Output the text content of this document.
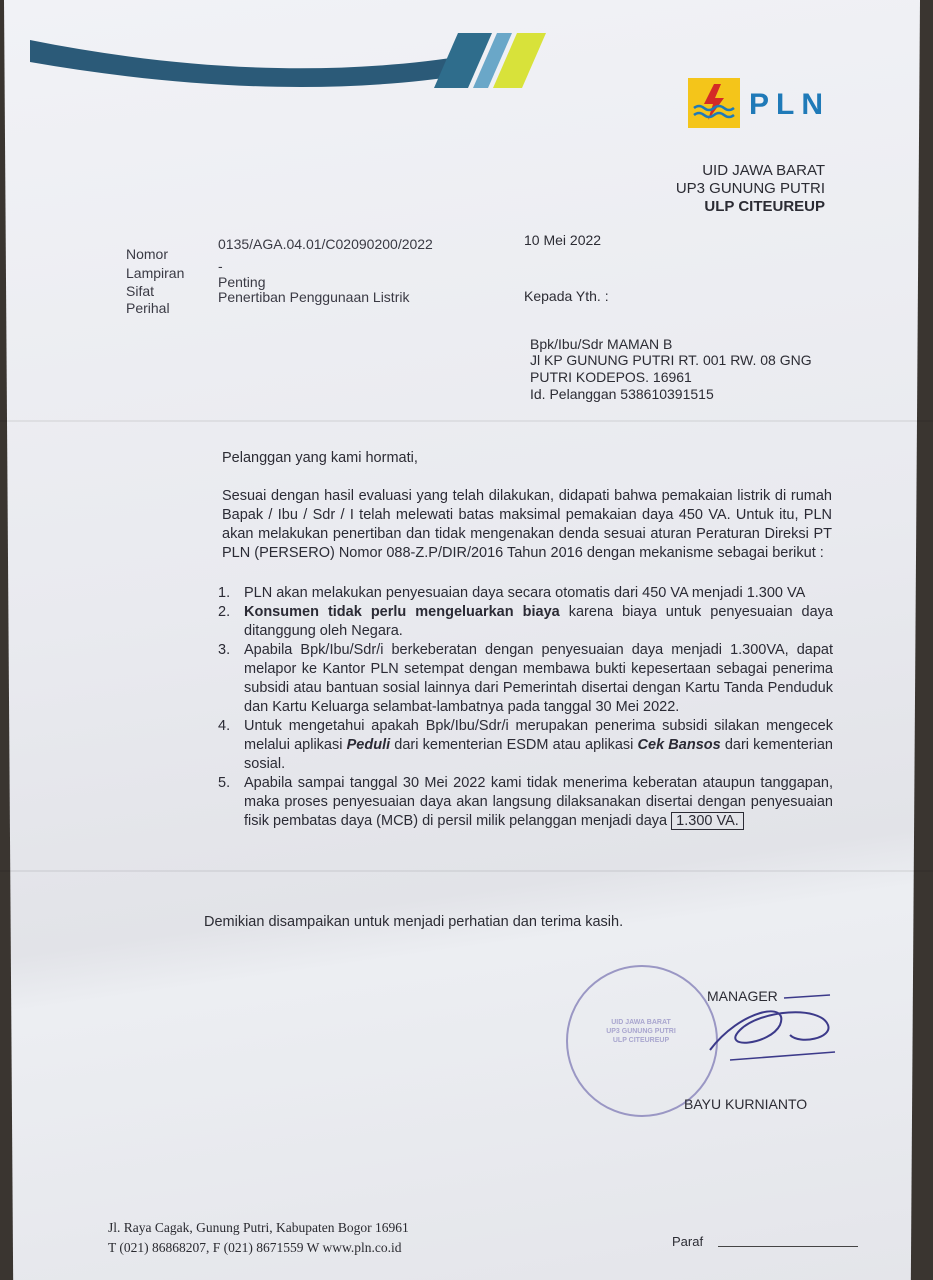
PLN
UID JAWA BARAT
UP3 GUNUNG PUTRI
ULP CITEUREUP
Nomor
0135/AGA.04.01/C02090200/2022
Lampiran -
Sifat
Penting
Perihal
Penertiban Penggunaan Listrik
10 Mei 2022
Kepada Yth. :
Bpk/Ibu/Sdr MAMAN B
Jl KP GUNUNG PUTRI RT. 001 RW. 08 GNG
PUTRI KODEPOS. 16961
Id. Pelanggan 538610391515
Pelanggan yang kami hormati,
Sesuai dengan hasil evaluasi yang telah dilakukan, didapati bahwa pemakaian listrik di rumah Bapak / Ibu / Sdr / I telah melewati batas maksimal pemakaian daya 450 VA. Untuk itu, PLN akan melakukan penertiban dan tidak mengenakan denda sesuai aturan Peraturan Direksi PT PLN (PERSERO) Nomor 088-Z.P/DIR/2016 Tahun 2016 dengan mekanisme sebagai berikut :
1. PLN akan melakukan penyesuaian daya secara otomatis dari 450 VA menjadi 1.300 VA
2. Konsumen tidak perlu mengeluarkan biaya karena biaya untuk penyesuaian daya ditanggung oleh Negara.
3. Apabila Bpk/Ibu/Sdr/i berkeberatan dengan penyesuaian daya menjadi 1.300VA, dapat melapor ke Kantor PLN setempat dengan membawa bukti kepesertaan sebagai penerima subsidi atau bantuan sosial lainnya dari Pemerintah disertai dengan Kartu Tanda Penduduk dan Kartu Keluarga selambat-lambatnya pada tanggal 30 Mei 2022.
4. Untuk mengetahui apakah Bpk/Ibu/Sdr/i merupakan penerima subsidi silakan mengecek melalui aplikasi Peduli dari kementerian ESDM atau aplikasi Cek Bansos dari kementerian sosial.
5. Apabila sampai tanggal 30 Mei 2022 kami tidak menerima keberatan ataupun tanggapan, maka proses penyesuaian daya akan langsung dilaksanakan disertai dengan penyesuaian fisik pembatas daya (MCB) di persil milik pelanggan menjadi daya 1.300 VA.
Demikian disampaikan untuk menjadi perhatian dan terima kasih.
UID JAWA BARAT
UP3 GUNUNG PUTRI
ULP CITEUREUP
MANAGER
BAYU KURNIANTO
Jl. Raya Cagak, Gunung Putri, Kabupaten Bogor 16961
T (021) 86868207, F (021) 8671559 W www.pln.co.id	Paraf
